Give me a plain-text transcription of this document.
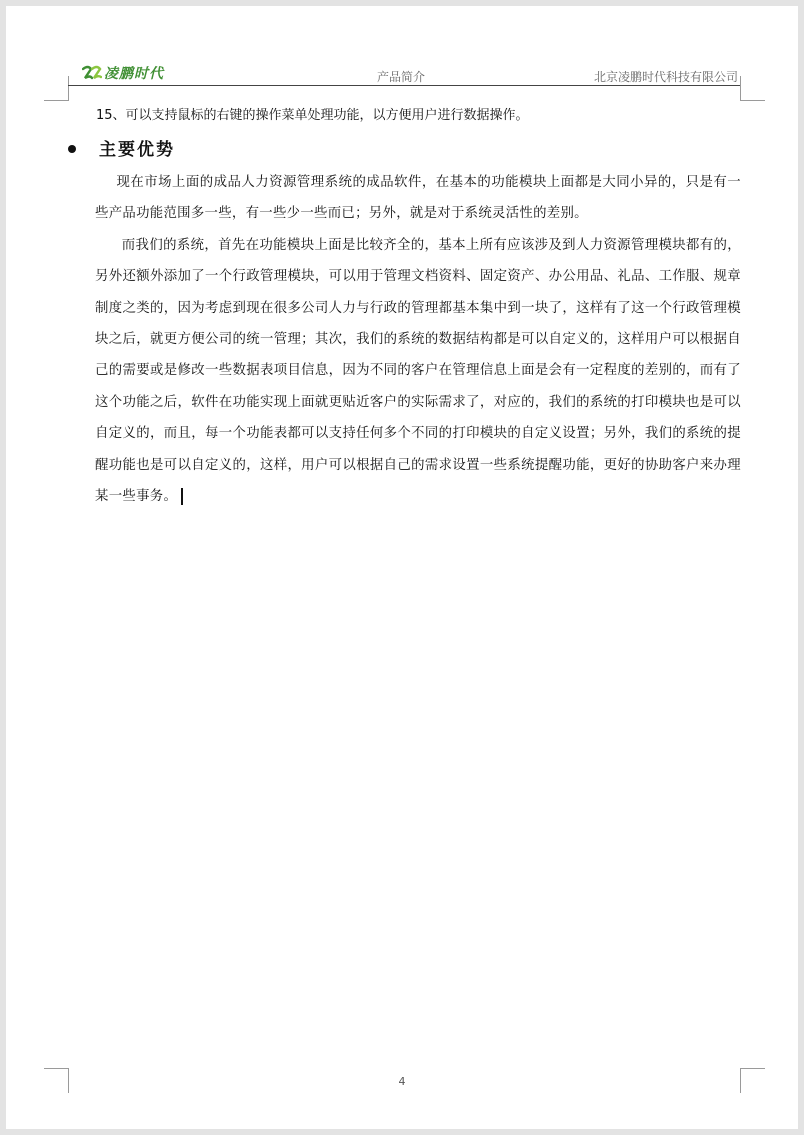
凌鹏时代	产品简介	北京凌鹏时代科技有限公司
15、可以支持鼠标的右键的操作菜单处理功能，以方便用户进行数据操作。
主要优势

现在市场上面的成品人力资源管理系统的成品软件，在基本的功能模块上面都是大同小异的，只是有一些产品功能范围多一些，有一些少一些而已；另外，就是对于系统灵活性的差别。

而我们的系统，首先在功能模块上面是比较齐全的，基本上所有应该涉及到人力资源管理模块都有的，另外还额外添加了一个行政管理模块，可以用于管理文档资料、固定资产、办公用品、礼品、工作服、规章制度之类的，因为考虑到现在很多公司人力与行政的管理都基本集中到一块了，这样有了这一个行政管理模块之后，就更方便公司的统一管理；其次，我们的系统的数据结构都是可以自定义的，这样用户可以根据自己的需要或是修改一些数据表项目信息，因为不同的客户在管理信息上面是会有一定程度的差别的，而有了这个功能之后，软件在功能实现上面就更贴近客户的实际需求了，对应的，我们的系统的打印模块也是可以自定义的，而且，每一个功能表都可以支持任何多个不同的打印模块的自定义设置；另外，我们的系统的提醒功能也是可以自定义的，这样，用户可以根据自己的需求设置一些系统提醒功能，更好的协助客户来办理某一些事务。

4
